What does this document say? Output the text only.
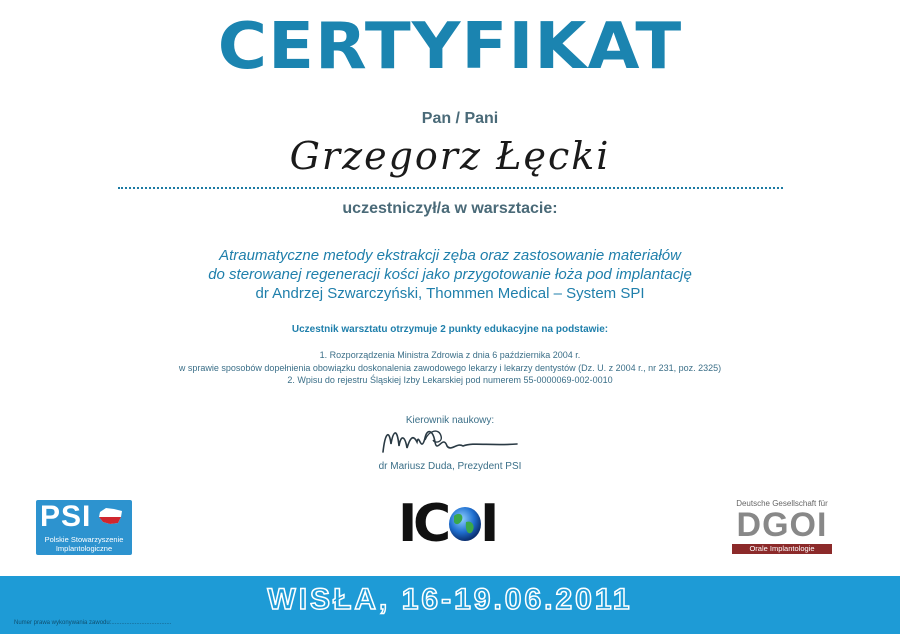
CERTYFIKAT
Pan / Pani
Grzegorz Łęcki
uczestniczył/a w warsztacie:
Atraumatyczne metody ekstrakcji zęba oraz zastosowanie materiałów
do sterowanej regeneracji kości jako przygotowanie łoża pod implantację
dr Andrzej Szwarczyński, Thommen Medical – System SPI
Uczestnik warsztatu otrzymuje 2 punkty edukacyjne na podstawie:
1. Rozporządzenia Ministra Zdrowia z dnia 6 października 2004 r.
w sprawie sposobów dopełnienia obowiązku doskonalenia zawodowego lekarzy i lekarzy dentystów (Dz. U. z 2004 r., nr 231, poz. 2325)
2. Wpisu do rejestru Śląskiej Izby Lekarskiej pod numerem 55-0000069-002-0010
Kierownik naukowy:
dr Mariusz Duda, Prezydent PSI
PSI
Polskie Stowarzyszenie
Implantologiczne	I
C I	Deutsche Gesellschaft für
DGOI
Orale Implantologie
WISŁA, 16-19.06.2011
Numer prawa wykonywania zawodu:....................................
